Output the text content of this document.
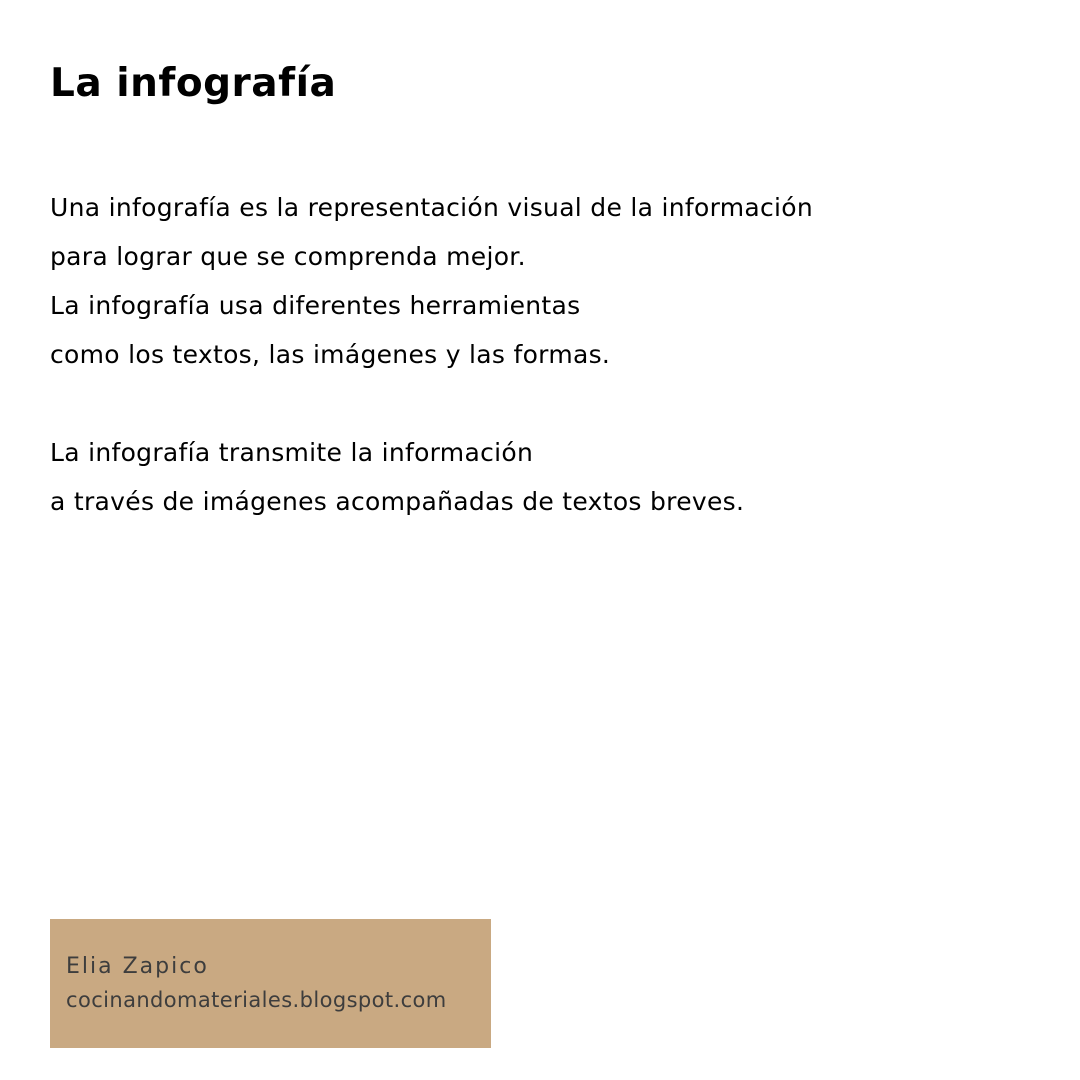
La infografía
Una infografía es la representación visual de la información
para lograr que se comprenda mejor.
La infografía usa diferentes herramientas
como los textos, las imágenes y las formas.
La infografía transmite la información
a través de imágenes acompañadas de textos breves.
Elia Zapico
cocinandomateriales.blogspot.com
